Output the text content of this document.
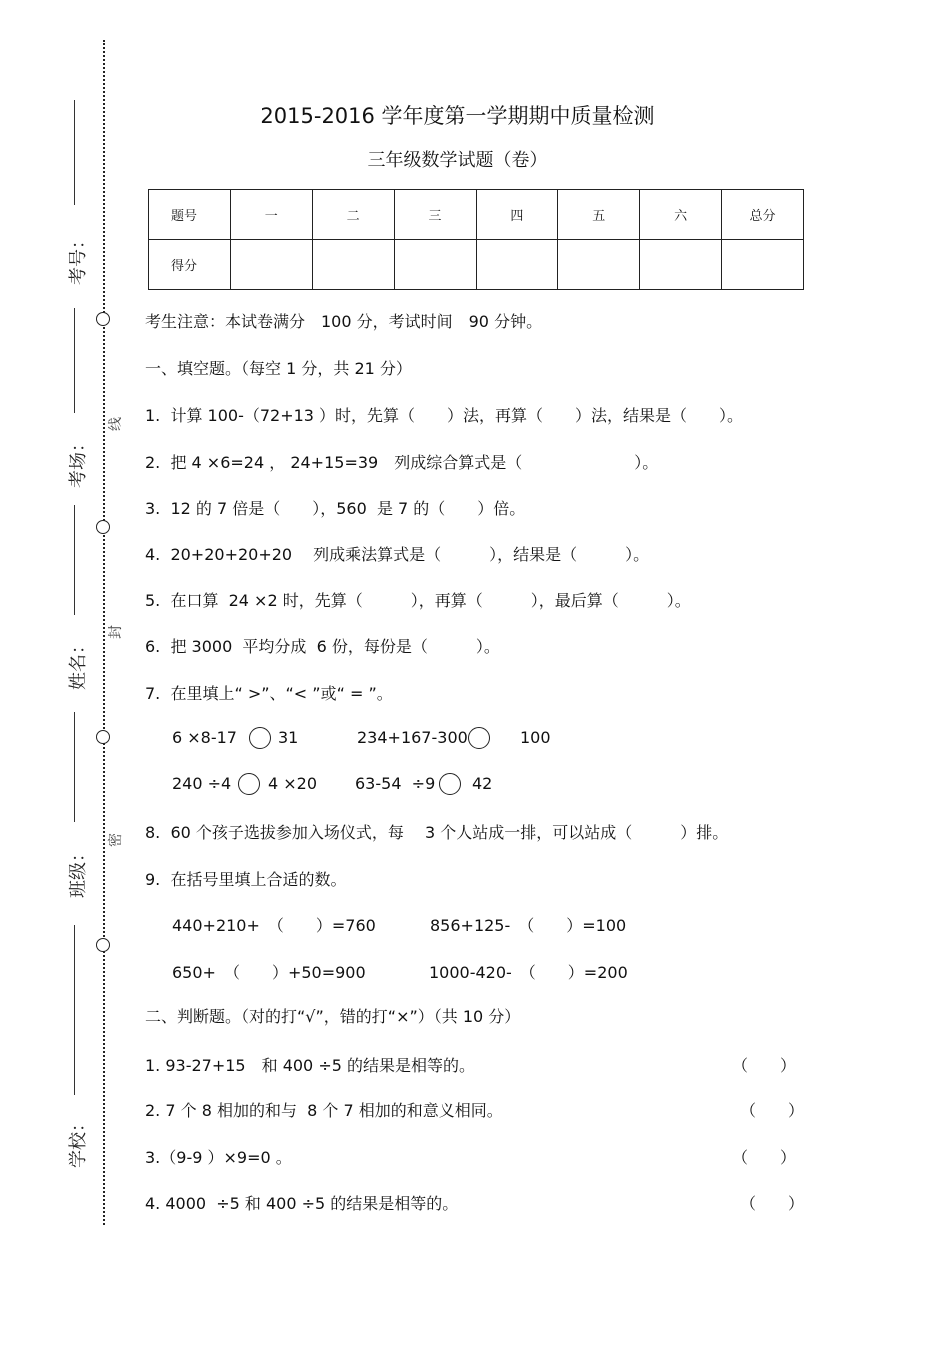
考号：
考场：
姓名：
班级：
学校：
线
封
密
2015-2016 学年度第一学期期中质量检测
三年级数学试题（卷）
题号	一	二	三	四	五	六	总分
得分							
考生注意：本试卷满分　100 分，考试时间　90 分钟。
一、填空题。（每空 1 分，共 21 分）
1.  计算 100-（72+13 ）时，先算（　　）法，再算（　　）法，结果是（　　）。
2.  把 4 ×6=24 ， 24+15=39　列成综合算式是（　　　　　　　）。
3.  12 的 7 倍是（　　），560  是 7 的（　　）倍。
4.  20+20+20+20　 列成乘法算式是（　　　），结果是（　　　）。
5.  在口算  24 ×2 时，先算（　　　），再算（　　　），最后算（　　　）。
6.  把 3000  平均分成  6 份，每份是（　　　）。
7.  在里填上“ >”、“< ”或“ = ”。
6 ×8-17	31	234+167-300	100
240 ÷4 4 ×20 63-54  ÷9 42
8.  60 个孩子选拔参加入场仪式，每　 3 个人站成一排，可以站成（　　　）排。
9.  在括号里填上合适的数。
440+210+　（　　）=760	856+125-　（　　）=100
650+　（　　）+50=900	1000-420-　（　　）=200
二、判断题。（对的打“√”，错的打“×”）（共 10 分）
1. 93-27+15　和 400 ÷5 的结果是相等的。	（　　）
2. 7 个 8 相加的和与  8 个 7 相加的和意义相同。	（　　）
3.（9-9 ）×9=0 。	（　　）
4. 4000  ÷5 和 400 ÷5 的结果是相等的。	（　　）
